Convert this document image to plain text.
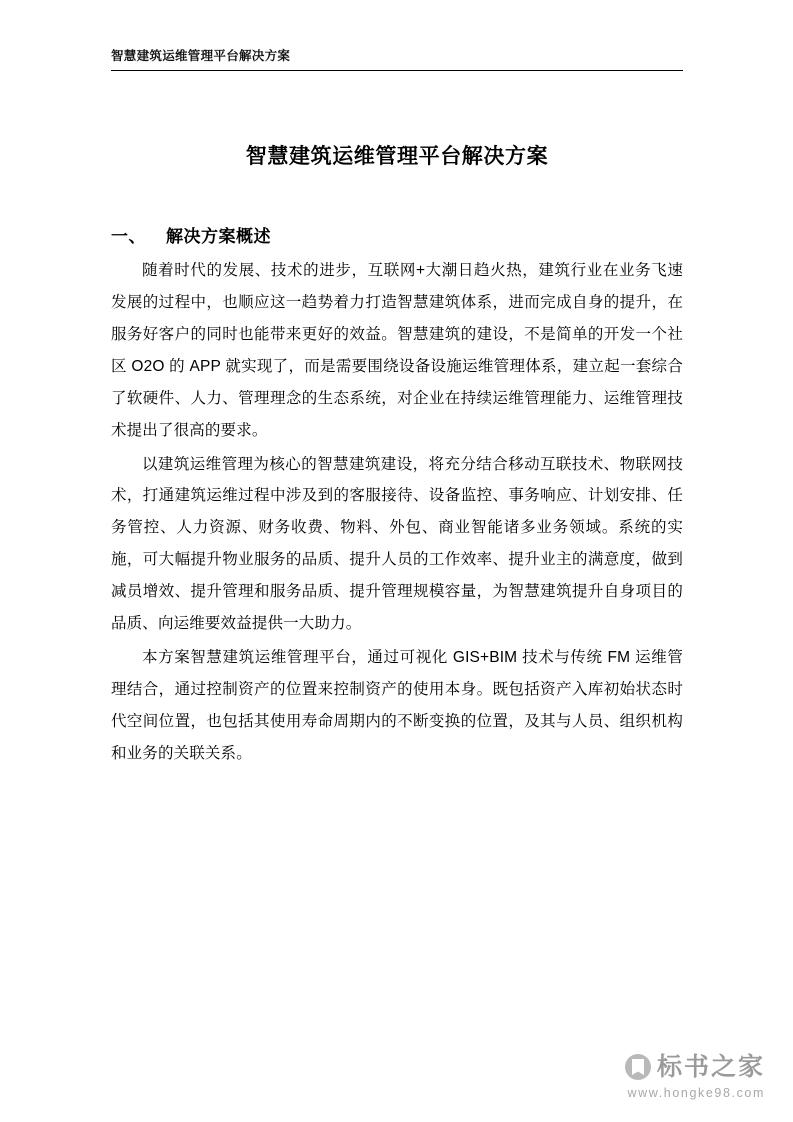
智慧建筑运维管理平台解决方案
智慧建筑运维管理平台解决方案
一、 解决方案概述

随着时代的发展、技术的进步，互联网+大潮日趋火热，建筑行业在业务飞速发展的过程中，也顺应这一趋势着力打造智慧建筑体系，进而完成自身的提升，在服务好客户的同时也能带来更好的效益。智慧建筑的建设，不是简单的开发一个社区 O2O 的 APP 就实现了，而是需要围绕设备设施运维管理体系，建立起一套综合了软硬件、人力、管理理念的生态系统，对企业在持续运维管理能力、运维管理技术提出了很高的要求。

以建筑运维管理为核心的智慧建筑建设，将充分结合移动互联技术、物联网技术，打通建筑运维过程中涉及到的客服接待、设备监控、事务响应、计划安排、任务管控、人力资源、财务收费、物料、外包、商业智能诸多业务领域。系统的实施，可大幅提升物业服务的品质、提升人员的工作效率、提升业主的满意度，做到减员增效、提升管理和服务品质、提升管理规模容量，为智慧建筑提升自身项目的品质、向运维要效益提供一大助力。

本方案智慧建筑运维管理平台，通过可视化 GIS+BIM 技术与传统 FM 运维管理结合，通过控制资产的位置来控制资产的使用本身。既包括资产入库初始状态时代空间位置，也包括其使用寿命周期内的不断变换的位置，及其与人员、组织机构和业务的关联关系。

标书之家
www.hongke98.com
